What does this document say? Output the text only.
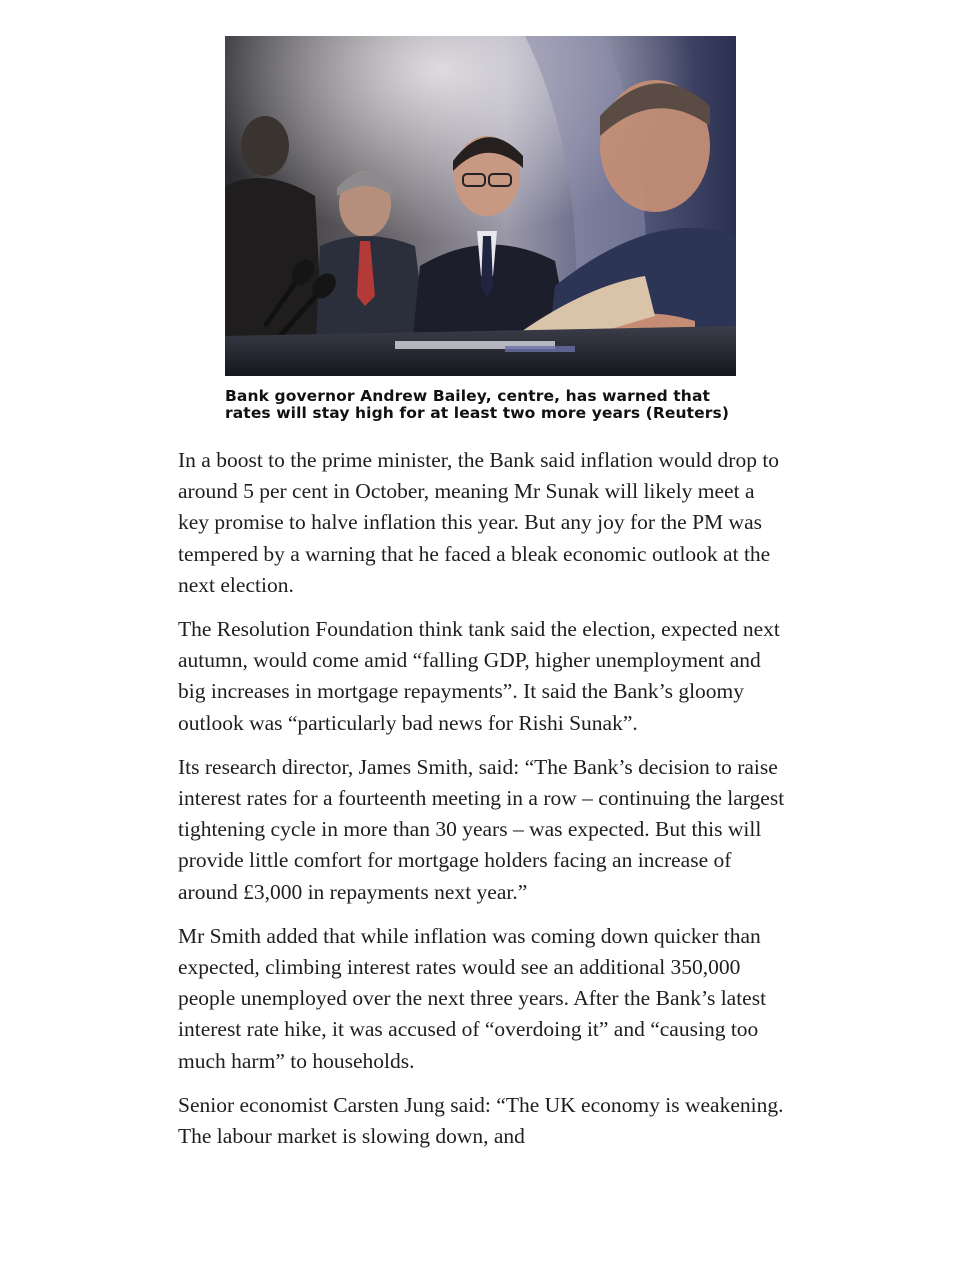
Bank governor Andrew Bailey, centre, has warned that rates will stay high for at least two more years (Reuters)

In a boost to the prime minister, the Bank said inflation would drop to around 5 per cent in October, meaning Mr Sunak will likely meet a key promise to halve inflation this year. But any joy for the PM was tempered by a warning that he faced a bleak economic outlook at the next election.

The Resolution Foundation think tank said the election, expected next autumn, would come amid “falling GDP, higher unemployment and big increases in mortgage repayments”. It said the Bank’s gloomy outlook was “particularly bad news for Rishi Sunak”.

Its research director, James Smith, said: “The Bank’s decision to raise interest rates for a fourteenth meeting in a row – continuing the largest tightening cycle in more than 30 years – was expected. But this will provide little comfort for mortgage holders facing an increase of around £3,000 in repayments next year.”

Mr Smith added that while inflation was coming down quicker than expected, climbing interest rates would see an additional 350,000 people unemployed over the next three years. After the Bank’s latest interest rate hike, it was accused of “overdoing it” and “causing too much harm” to households.

Senior economist Carsten Jung said: “The UK economy is weakening. The labour market is slowing down, and
